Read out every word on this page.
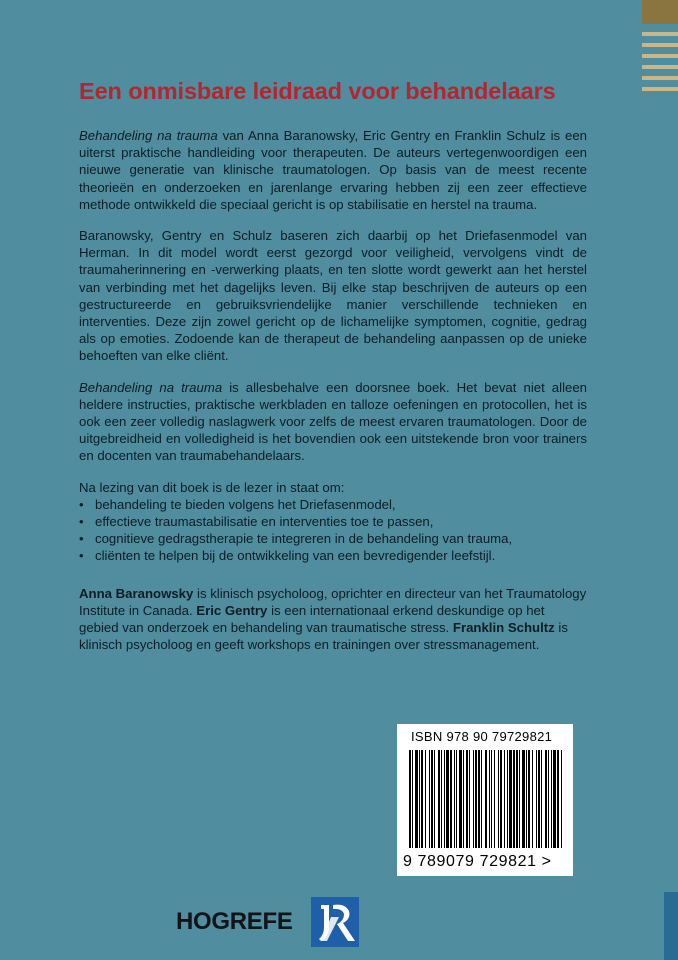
Een onmisbare leidraad voor behandelaars

Behandeling na trauma van Anna Baranowsky, Eric Gentry en Franklin Schulz is een uiterst praktische handleiding voor therapeuten. De auteurs vertegenwoordigen een nieuwe generatie van klinische traumatologen. Op basis van de meest recente theorieën en onderzoeken en jarenlange ervaring hebben zij een zeer effectieve methode ontwikkeld die speciaal gericht is op stabilisatie en herstel na trauma.

Baranowsky, Gentry en Schulz baseren zich daarbij op het Driefasenmodel van Herman. In dit model wordt eerst gezorgd voor veiligheid, vervolgens vindt de traumaherinnering en -verwerking plaats, en ten slotte wordt gewerkt aan het herstel van verbinding met het dagelijks leven. Bij elke stap beschrijven de auteurs op een gestructureerde en gebruiksvriendelijke manier verschillende technieken en interventies. Deze zijn zowel gericht op de lichamelijke symptomen, cognitie, gedrag als op emoties. Zodoende kan de therapeut de behandeling aanpassen op de unieke behoeften van elke cliënt.

Behandeling na trauma is allesbehalve een doorsnee boek. Het bevat niet alleen heldere instructies, praktische werkbladen en talloze oefeningen en protocollen, het is ook een zeer volledig naslagwerk voor zelfs de meest ervaren traumatologen. Door de uitgebreidheid en volledigheid is het bovendien ook een uitstekende bron voor trainers en docenten van traumabehandelaars.

Na lezing van dit boek is de lezer in staat om:

• behandeling te bieden volgens het Driefasenmodel,
• effectieve traumastabilisatie en interventies toe te passen,
• cognitieve gedragstherapie te integreren in de behandeling van trauma,
• cliënten te helpen bij de ontwikkeling van een bevredigender leefstijl.

Anna Baranowsky is klinisch psycholoog, oprichter en directeur van het Traumatology Institute in Canada. Eric Gentry is een internationaal erkend deskundige op het gebied van onderzoek en behandeling van traumatische stress. Franklin Schultz is klinisch psycholoog en geeft workshops en trainingen over stressmanagement.

ISBN 978 90 79729821
9 789079 729821 >
HOGREFE
